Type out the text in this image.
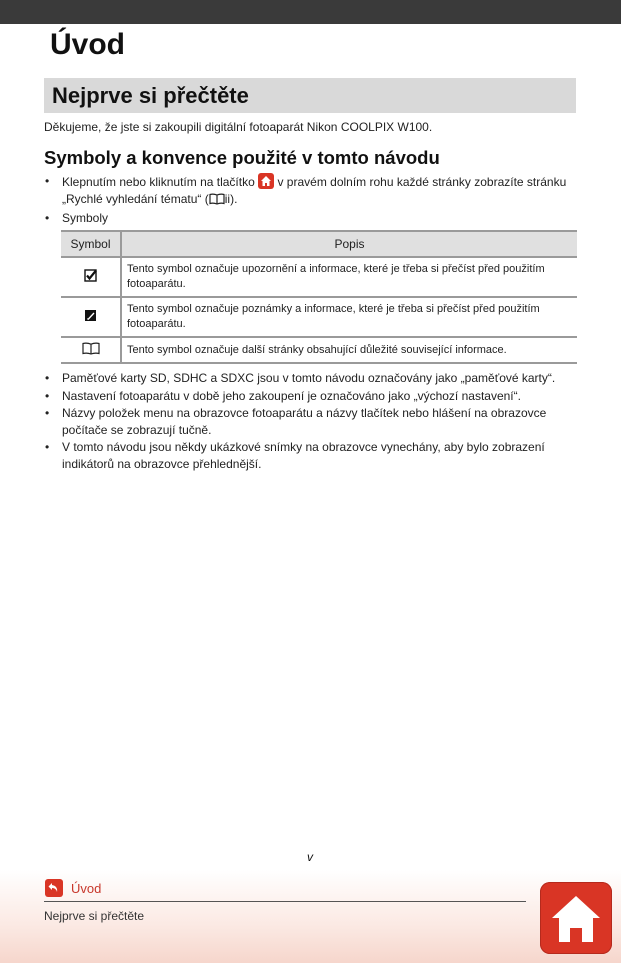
Úvod
Nejprve si přečtěte

Děkujeme, že jste si zakoupili digitální fotoaparát Nikon COOLPIX W100.

Symboly a konvence použité v tomto návodu
• Klepnutím nebo kliknutím na tlačítko v pravém dolním rohu každé stránky zobrazíte stránku „Rychlé vyhledání tématu“ ( ii).
• Symboly
Symbol	Popis
	Tento symbol označuje upozornění a informace, které je třeba si přečíst před použitím fotoaparátu.
	Tento symbol označuje poznámky a informace, které je třeba si přečíst před použitím fotoaparátu.
	Tento symbol označuje další stránky obsahující důležité související informace.
• Paměťové karty SD, SDHC a SDXC jsou v tomto návodu označovány jako „paměťové karty“.
• Nastavení fotoaparátu v době jeho zakoupení je označováno jako „výchozí nastavení“.
• Názvy položek menu na obrazovce fotoaparátu a názvy tlačítek nebo hlášení na obrazovce počítače se zobrazují tučně.
• V tomto návodu jsou někdy ukázkové snímky na obrazovce vynechány, aby bylo zobrazení indikátorů na obrazovce přehlednější.
v
Úvod
Nejprve si přečtěte
